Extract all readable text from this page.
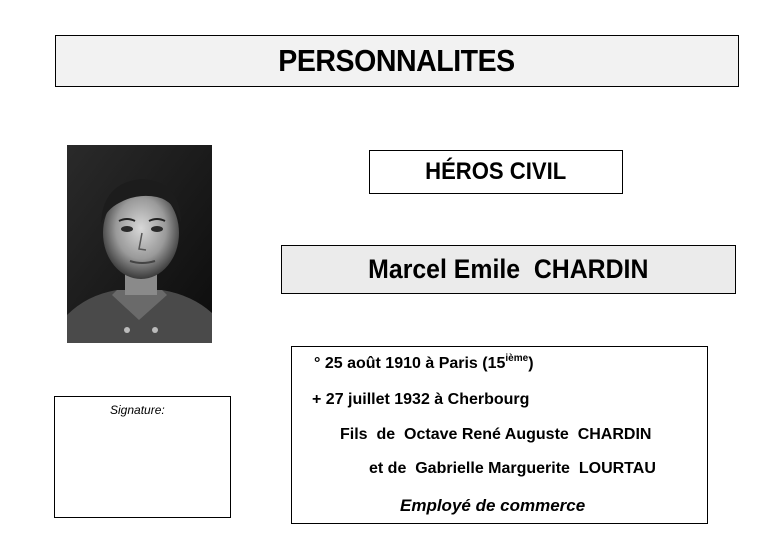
PERSONNALITES
HÉROS CIVIL
Marcel Emile  CHARDIN
Signature:
° 25 août 1910 à Paris (15ième)
+ 27 juillet 1932 à Cherbourg
Fils  de  Octave René Auguste  CHARDIN
et de  Gabrielle Marguerite  LOURTAU
Employé de commerce
